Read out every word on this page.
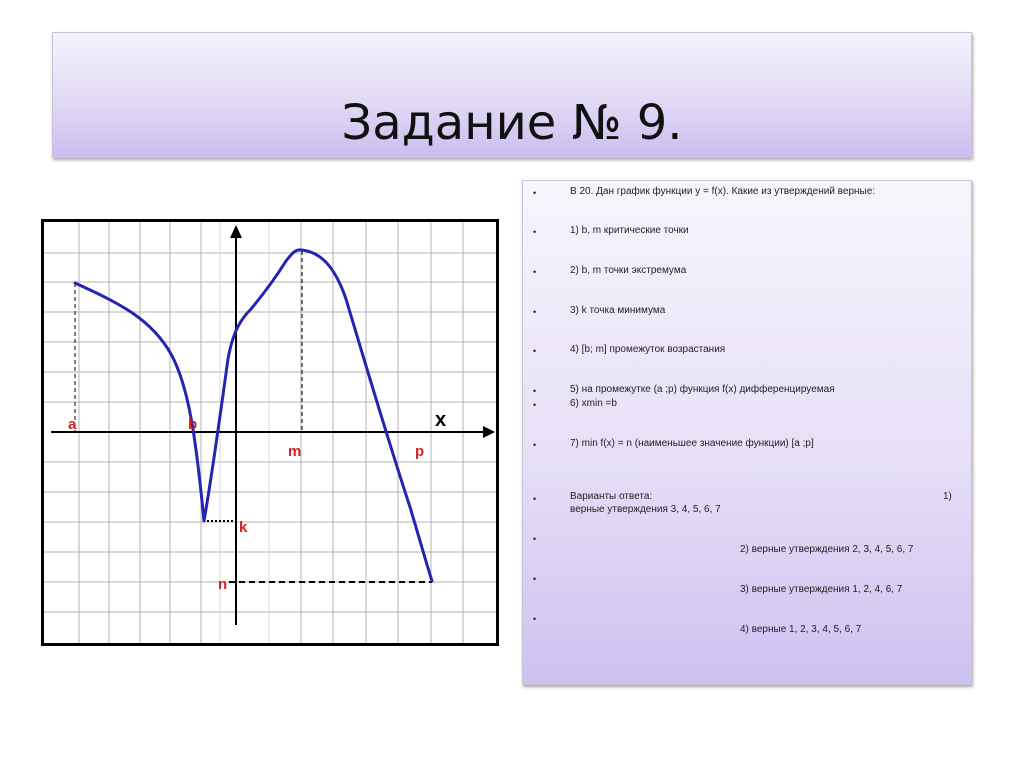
Задание № 9.
x
a	b
m	p
k
n
•	В 20. Дан график функции у = f(x). Какие из утверждений верные:
•	1) b, m критические точки
•	2) b, m точки экстремума
•	3) k точка минимума
•	4) [b; m] промежуток возрастания
•	5) на промежутке (a ;p) функция f(x) дифференцируемая
•	6) xmin =b
•	7) min f(x) = n (наименьшее значение функции) [a ;p]
•	Варианты ответа:	1)
верные утверждения 3, 4, 5, 6, 7
•
2) верные утверждения 2, 3, 4, 5, 6, 7
•
3) верные утверждения 1, 2, 4, 6, 7
•
4) верные 1, 2, 3, 4, 5, 6, 7
